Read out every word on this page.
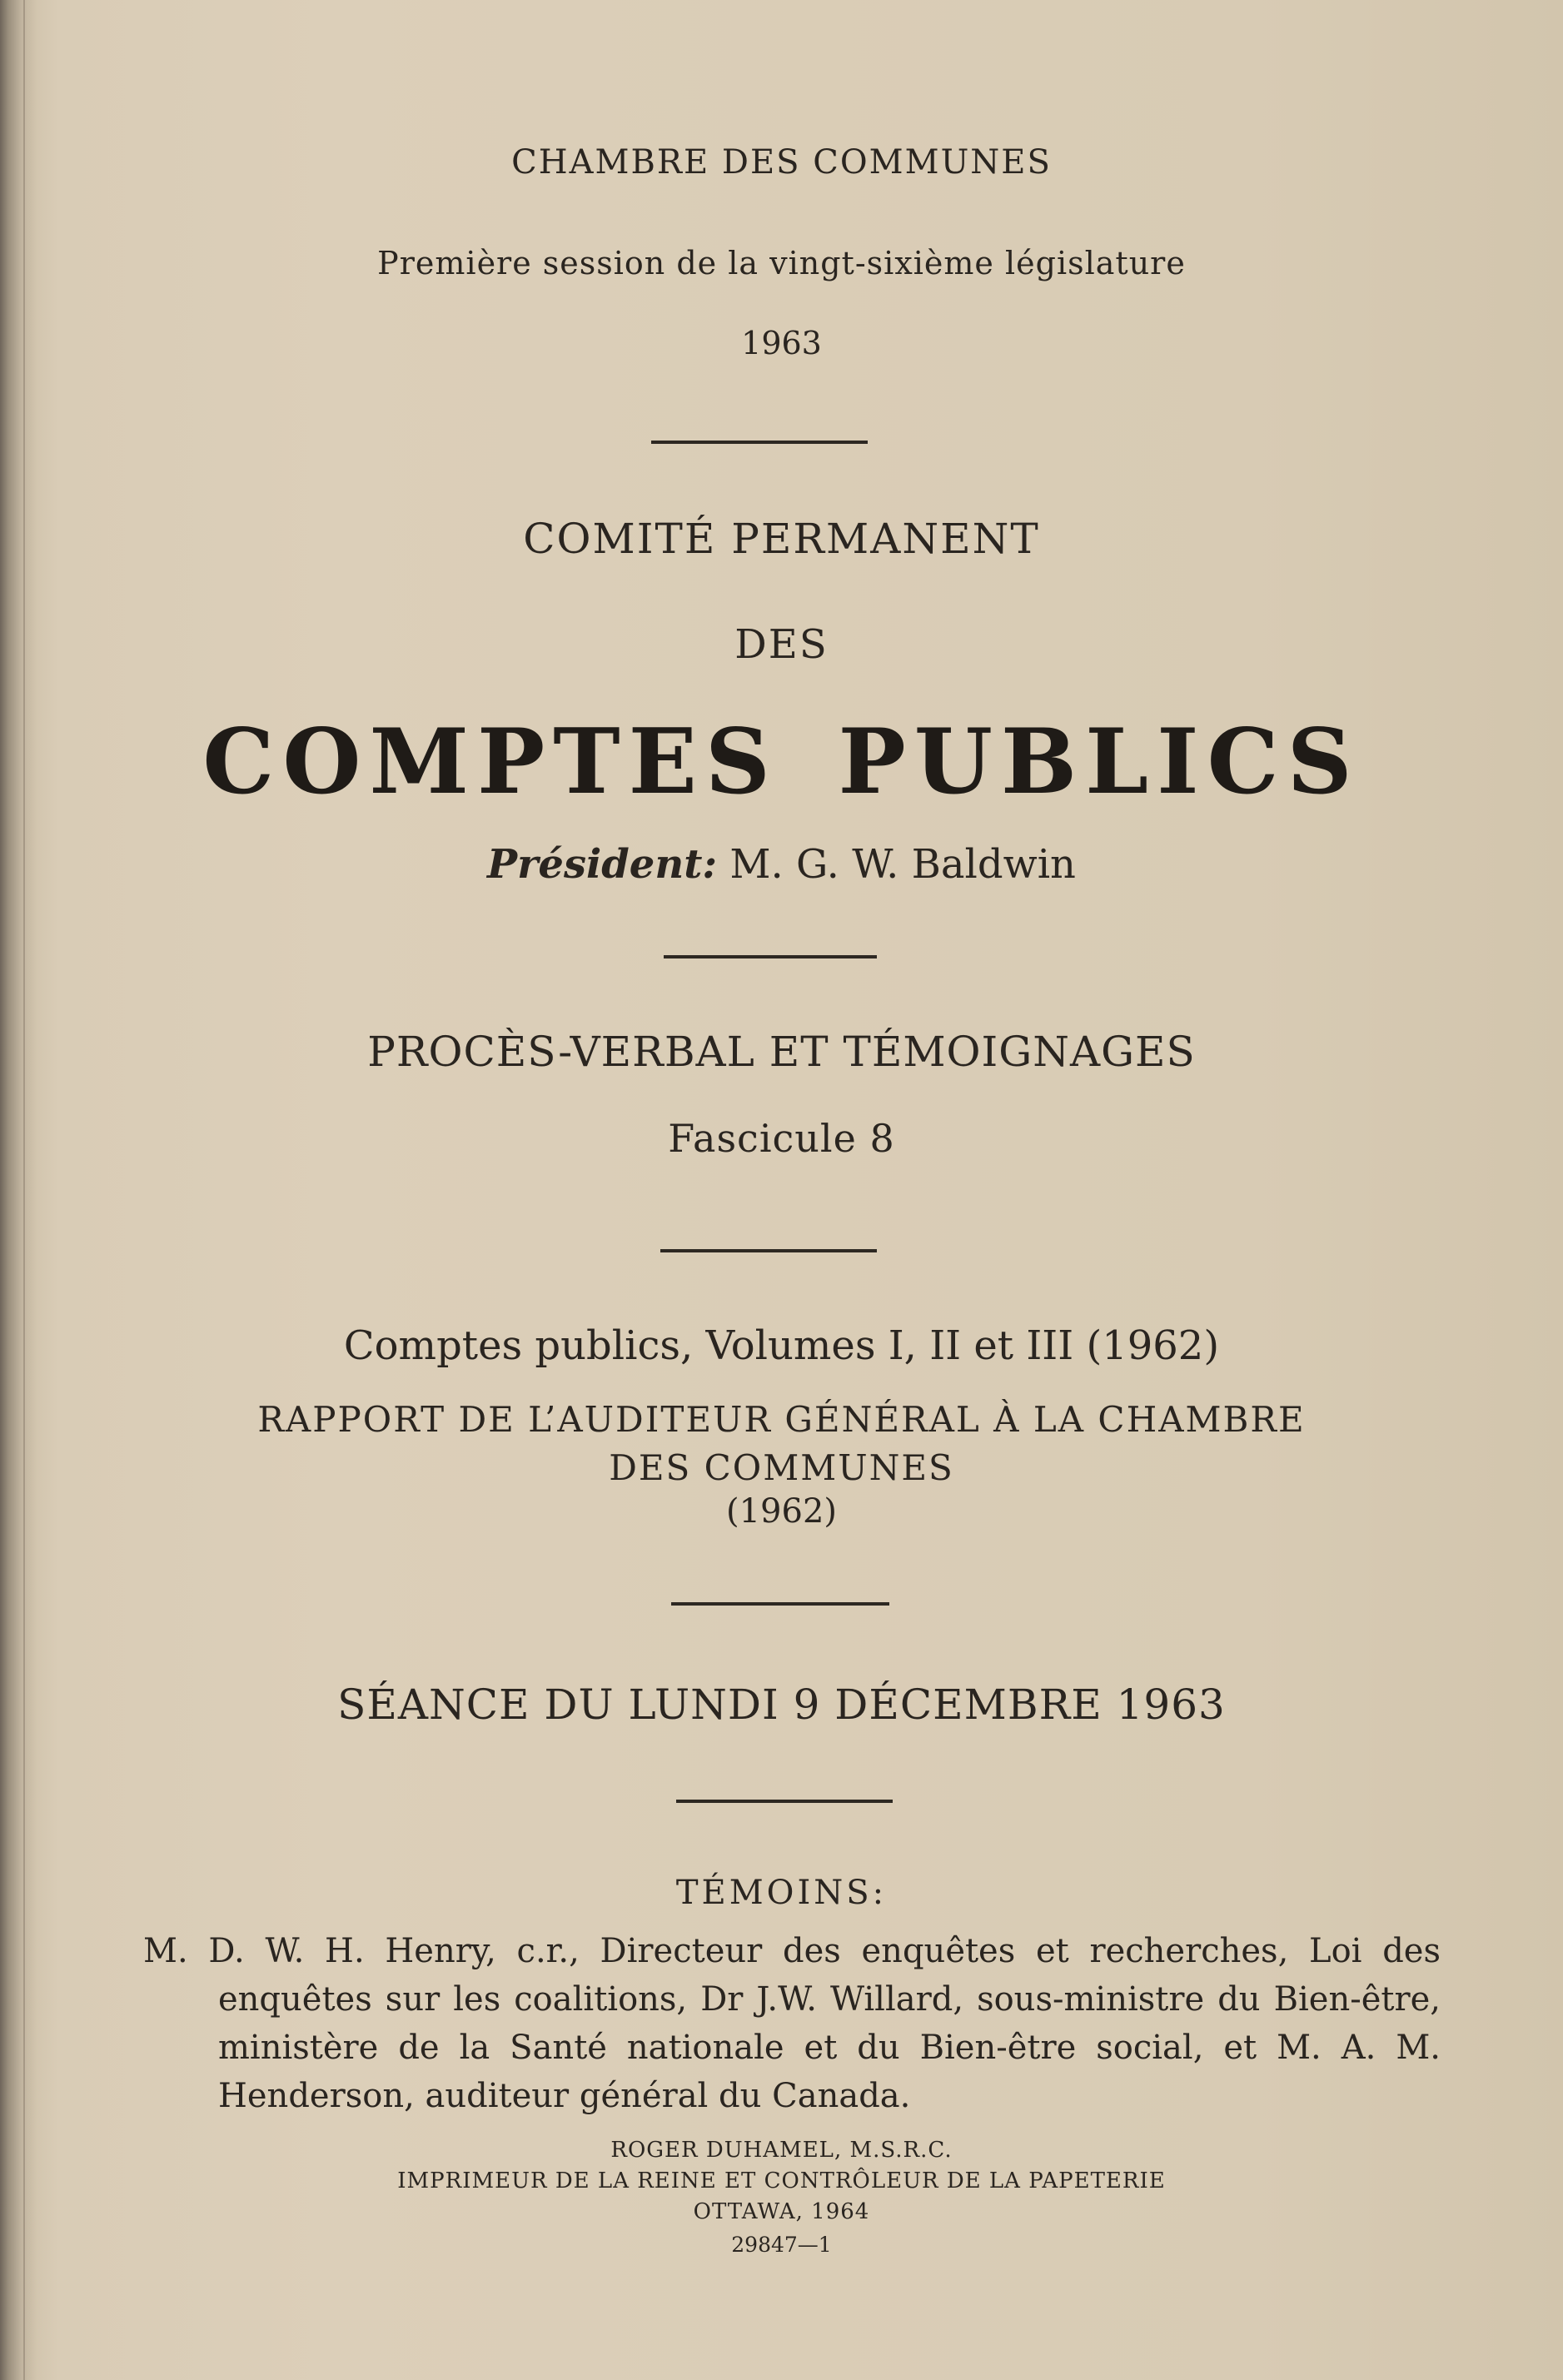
CHAMBRE DES COMMUNES
Première session de la vingt-sixième législature
1963
COMITÉ PERMANENT
DES
COMPTES PUBLICS
Président: M. G. W. Baldwin
PROCÈS-VERBAL ET TÉMOIGNAGES
Fascicule 8
Comptes publics, Volumes I, II et III (1962)
RAPPORT DE L’AUDITEUR GÉNÉRAL À LA CHAMBRE
DES COMMUNES
(1962)
SÉANCE DU LUNDI 9 DÉCEMBRE 1963
TÉMOINS:
M. D. W. H. Henry, c.r., Directeur des enquêtes et recherches, Loi des enquêtes sur les coalitions, Dr J.W. Willard, sous-ministre du Bien-être, ministère de la Santé nationale et du Bien-être social, et M. A. M. Henderson, auditeur général du Canada.
ROGER DUHAMEL, M.S.R.C.
IMPRIMEUR DE LA REINE ET CONTRÔLEUR DE LA PAPETERIE
OTTAWA, 1964
29847—1
